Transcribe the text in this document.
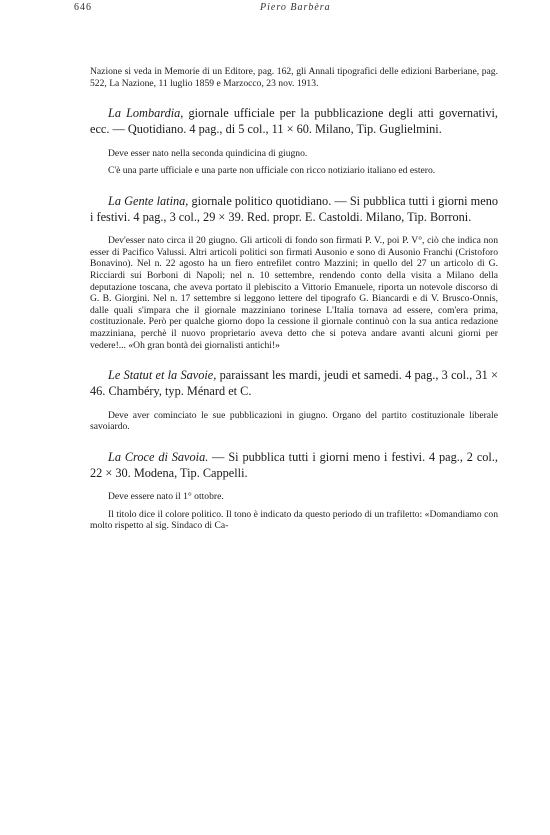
646	Piero Barbèra

Nazione si veda in Memorie di un Editore, pag. 162, gli Annali tipografici delle edizioni Barberiane, pag. 522, La Nazione, 11 luglio 1859 e Marzocco, 23 nov. 1913.

La Lombardia, giornale ufficiale per la pubblicazione degli atti governativi, ecc. — Quotidiano. 4 pag., di 5 col., 11 × 60. Milano, Tip. Guglielmini.

Deve esser nato nella seconda quindicina di giugno.

C'è una parte ufficiale e una parte non ufficiale con ricco notiziario italiano ed estero.

La Gente latina, giornale politico quotidiano. — Si pubblica tutti i giorni meno i festivi. 4 pag., 3 col., 29 × 39. Red. propr. E. Castoldi. Milano, Tip. Borroni.

Dev'esser nato circa il 20 giugno. Gli articoli di fondo son firmati P. V., poi P. V°, ciò che indica non esser di Pacifico Valussi. Altri articoli politici son firmati Ausonio e sono di Ausonio Franchi (Cristoforo Bonavino). Nel n. 22 agosto ha un fiero entrefilet contro Mazzini; in quello del 27 un articolo di G. Ricciardi sui Borboni di Napoli; nel n. 10 settembre, rendendo conto della visita a Milano della deputazione toscana, che aveva portato il plebiscito a Vittorio Emanuele, riporta un notevole discorso di G. B. Giorgini. Nel n. 17 settembre si leggono lettere del tipografo G. Biancardi e di V. Brusco-Onnis, dalle quali s'impara che il giornale mazziniano torinese L'Italia tornava ad essere, com'era prima, costituzionale. Però per qualche giorno dopo la cessione il giornale continuò con la sua antica redazione mazziniana, perchè il nuovo proprietario aveva detto che si poteva andare avanti alcuni giorni per vedere!... «Oh gran bontà dei giornalisti antichi!»

Le Statut et la Savoie, paraissant les mardi, jeudi et samedi. 4 pag., 3 col., 31 × 46. Chambéry, typ. Ménard et C.

Deve aver cominciato le sue pubblicazioni in giugno. Organo del partito costituzionale liberale savoiardo.

La Croce di Savoia. — Si pubblica tutti i giorni meno i festivi. 4 pag., 2 col., 22 × 30. Modena, Tip. Cappelli.

Deve essere nato il 1° ottobre.

Il titolo dice il colore politico. Il tono è indicato da questo periodo di un trafiletto: «Domandiamo con molto rispetto al sig. Sindaco di Ca-
